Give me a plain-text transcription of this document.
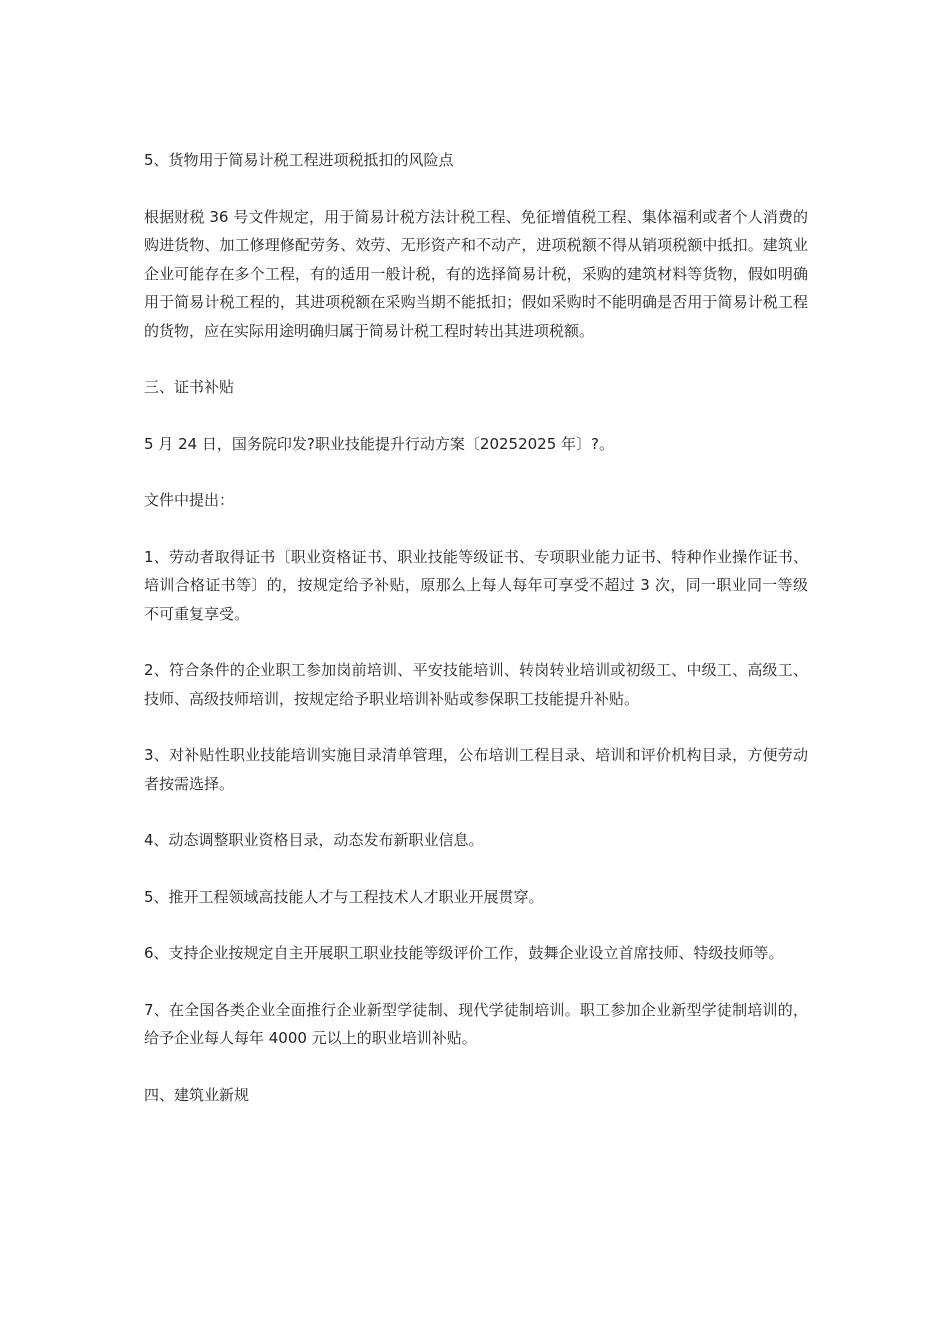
5、货物用于简易计税工程进项税抵扣的风险点

根据财税 36 号文件规定，用于简易计税方法计税工程、免征增值税工程、集体福利或者个人消费的购进货物、加工修理修配劳务、效劳、无形资产和不动产，进项税额不得从销项税额中抵扣。建筑业企业可能存在多个工程，有的适用一般计税，有的选择简易计税，采购的建筑材料等货物，假如明确用于简易计税工程的，其进项税额在采购当期不能抵扣；假如采购时不能明确是否用于简易计税工程的货物，应在实际用途明确归属于简易计税工程时转出其进项税额。

三、证书补贴

5 月 24 日，国务院印发?职业技能提升行动方案〔20252025 年〕?。

文件中提出：

1、劳动者取得证书〔职业资格证书、职业技能等级证书、专项职业能力证书、特种作业操作证书、培训合格证书等〕的，按规定给予补贴，原那么上每人每年可享受不超过 3 次，同一职业同一等级不可重复享受。

2、符合条件的企业职工参加岗前培训、平安技能培训、转岗转业培训或初级工、中级工、高级工、技师、高级技师培训，按规定给予职业培训补贴或参保职工技能提升补贴。

3、对补贴性职业技能培训实施目录清单管理，公布培训工程目录、培训和评价机构目录，方便劳动者按需选择。

4、动态调整职业资格目录，动态发布新职业信息。

5、推开工程领域高技能人才与工程技术人才职业开展贯穿。

6、支持企业按规定自主开展职工职业技能等级评价工作，鼓舞企业设立首席技师、特级技师等。

7、在全国各类企业全面推行企业新型学徒制、现代学徒制培训。职工参加企业新型学徒制培训的，给予企业每人每年 4000 元以上的职业培训补贴。

四、建筑业新规
